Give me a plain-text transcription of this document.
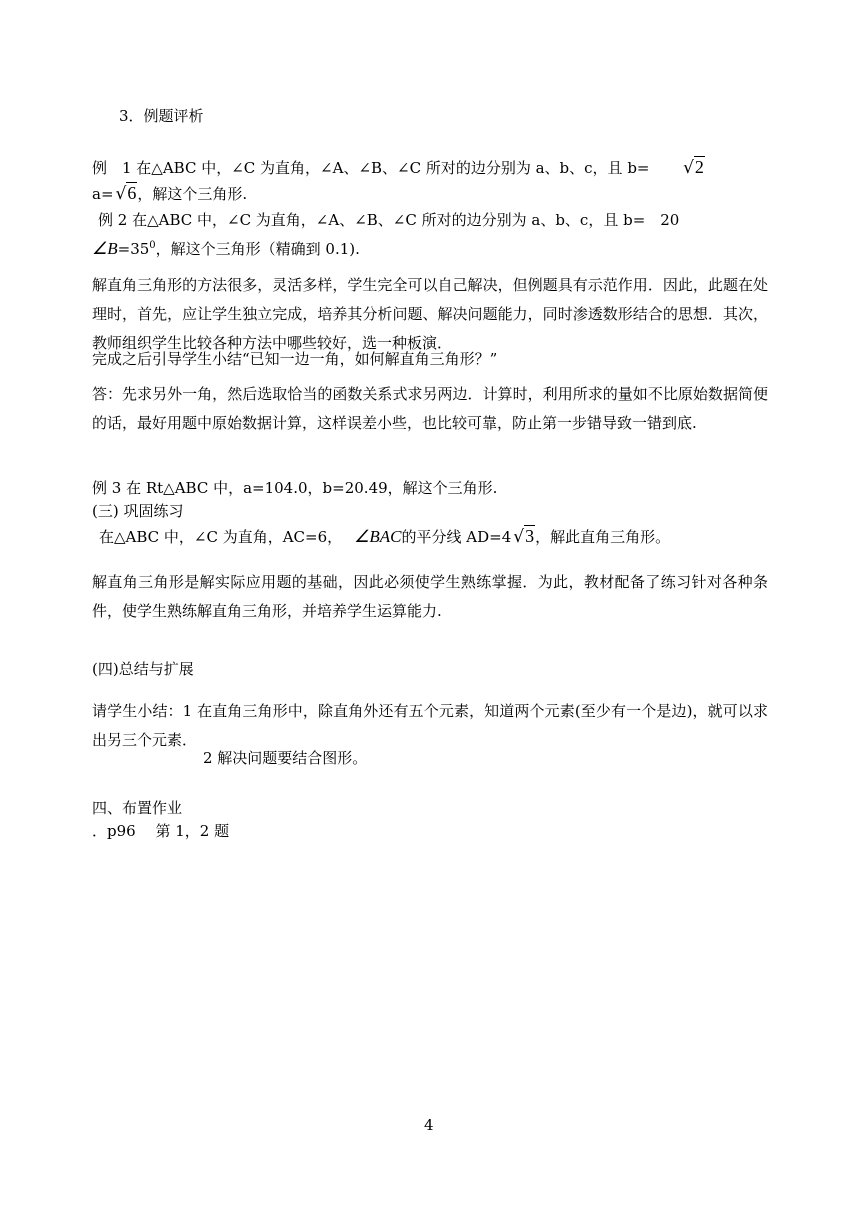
3．例题评析
例　1 在△ABC 中，∠C 为直角，∠A、∠B、∠C 所对的边分别为 a、b、c，且 b= √2
a= √6，解这个三角形.
例 2 在△ABC 中，∠C 为直角，∠A、∠B、∠C 所对的边分别为 a、b、c，且 b=　20
$\angle B=35^0$，解这个三角形（精确到 0.1).
解直角三角形的方法很多，灵活多样，学生完全可以自己解决，但例题具有示范作用．因此，此题在处理时，首先，应让学生独立完成，培养其分析问题、解决问题能力，同时渗透数形结合的思想．其次，教师组织学生比较各种方法中哪些较好，选一种板演．
完成之后引导学生小结“已知一边一角，如何解直角三角形？”
答：先求另外一角，然后选取恰当的函数关系式求另两边．计算时，利用所求的量如不比原始数据简便的话，最好用题中原始数据计算，这样误差小些，也比较可靠，防止第一步错导致一错到底.
例 3 在 Rt△ABC 中，a=104.0，b=20.49，解这个三角形.
(三) 巩固练习
在△ABC 中，∠C 为直角，AC=6， ∠BAC的平分线 AD=4 √3，解此直角三角形。
解直角三角形是解实际应用题的基础，因此必须使学生熟练掌握．为此，教材配备了练习针对各种条件，使学生熟练解直角三角形，并培养学生运算能力.
(四)总结与扩展
请学生小结：1 在直角三角形中，除直角外还有五个元素，知道两个元素(至少有一个是边)，就可以求出另三个元素．
2 解决问题要结合图形。
四、布置作业
．p96　 第 1，2 题
4
